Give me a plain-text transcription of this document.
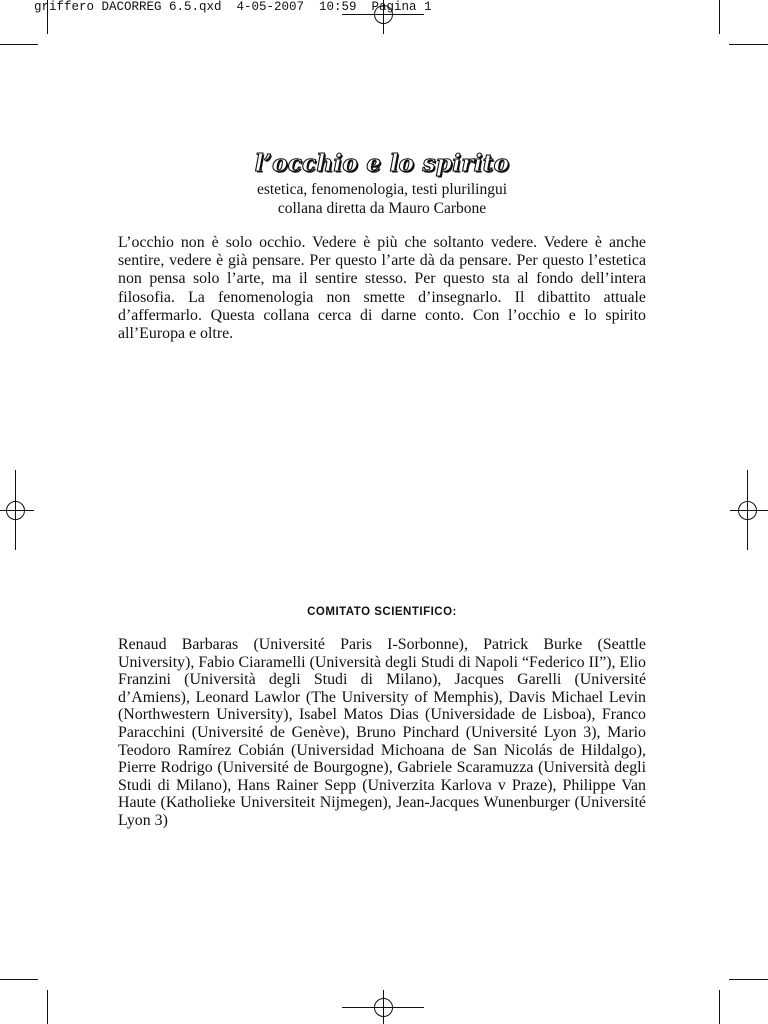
griffero DACORREG 6.5.qxd  4-05-2007  10:59  Pagina 1

l’occhio e lo spirito

estetica, fenomenologia, testi plurilingui

collana diretta da Mauro Carbone

L’occhio non è solo occhio. Vedere è più che soltanto vedere. Vedere è anche sentire, vedere è già pensare. Per questo l’arte dà da pensare. Per questo l’estetica non pensa solo l’arte, ma il sentire stesso. Per questo sta al fondo dell’intera filosofia. La fenomenologia non smette d’insegnarlo. Il dibattito attuale d’affermarlo. Questa collana cerca di darne conto. Con l’occhio e lo spirito all’Europa e oltre.

COMITATO SCIENTIFICO:

Renaud Barbaras (Université Paris I-Sorbonne), Patrick Burke (Seattle University), Fabio Ciaramelli (Università degli Studi di Napoli “Federico II”), Elio Franzini (Università degli Studi di Milano), Jacques Garelli (Université d’Amiens), Leonard Lawlor (The University of Memphis), Davis Michael Levin (Northwestern University), Isabel Matos Dias (Universidade de Lisboa), Franco Paracchini (Université de Genève), Bruno Pinchard (Université Lyon 3), Mario Teodoro Ramírez Cobián (Universidad Michoana de San Nicolás de Hildalgo), Pierre Rodrigo (Université de Bourgogne), Gabriele Scaramuzza (Università degli Studi di Milano), Hans Rainer Sepp (Univerzita Karlova v Praze), Philippe Van Haute (Katholieke Universiteit Nijmegen), Jean-Jacques Wunenburger (Université Lyon 3)
